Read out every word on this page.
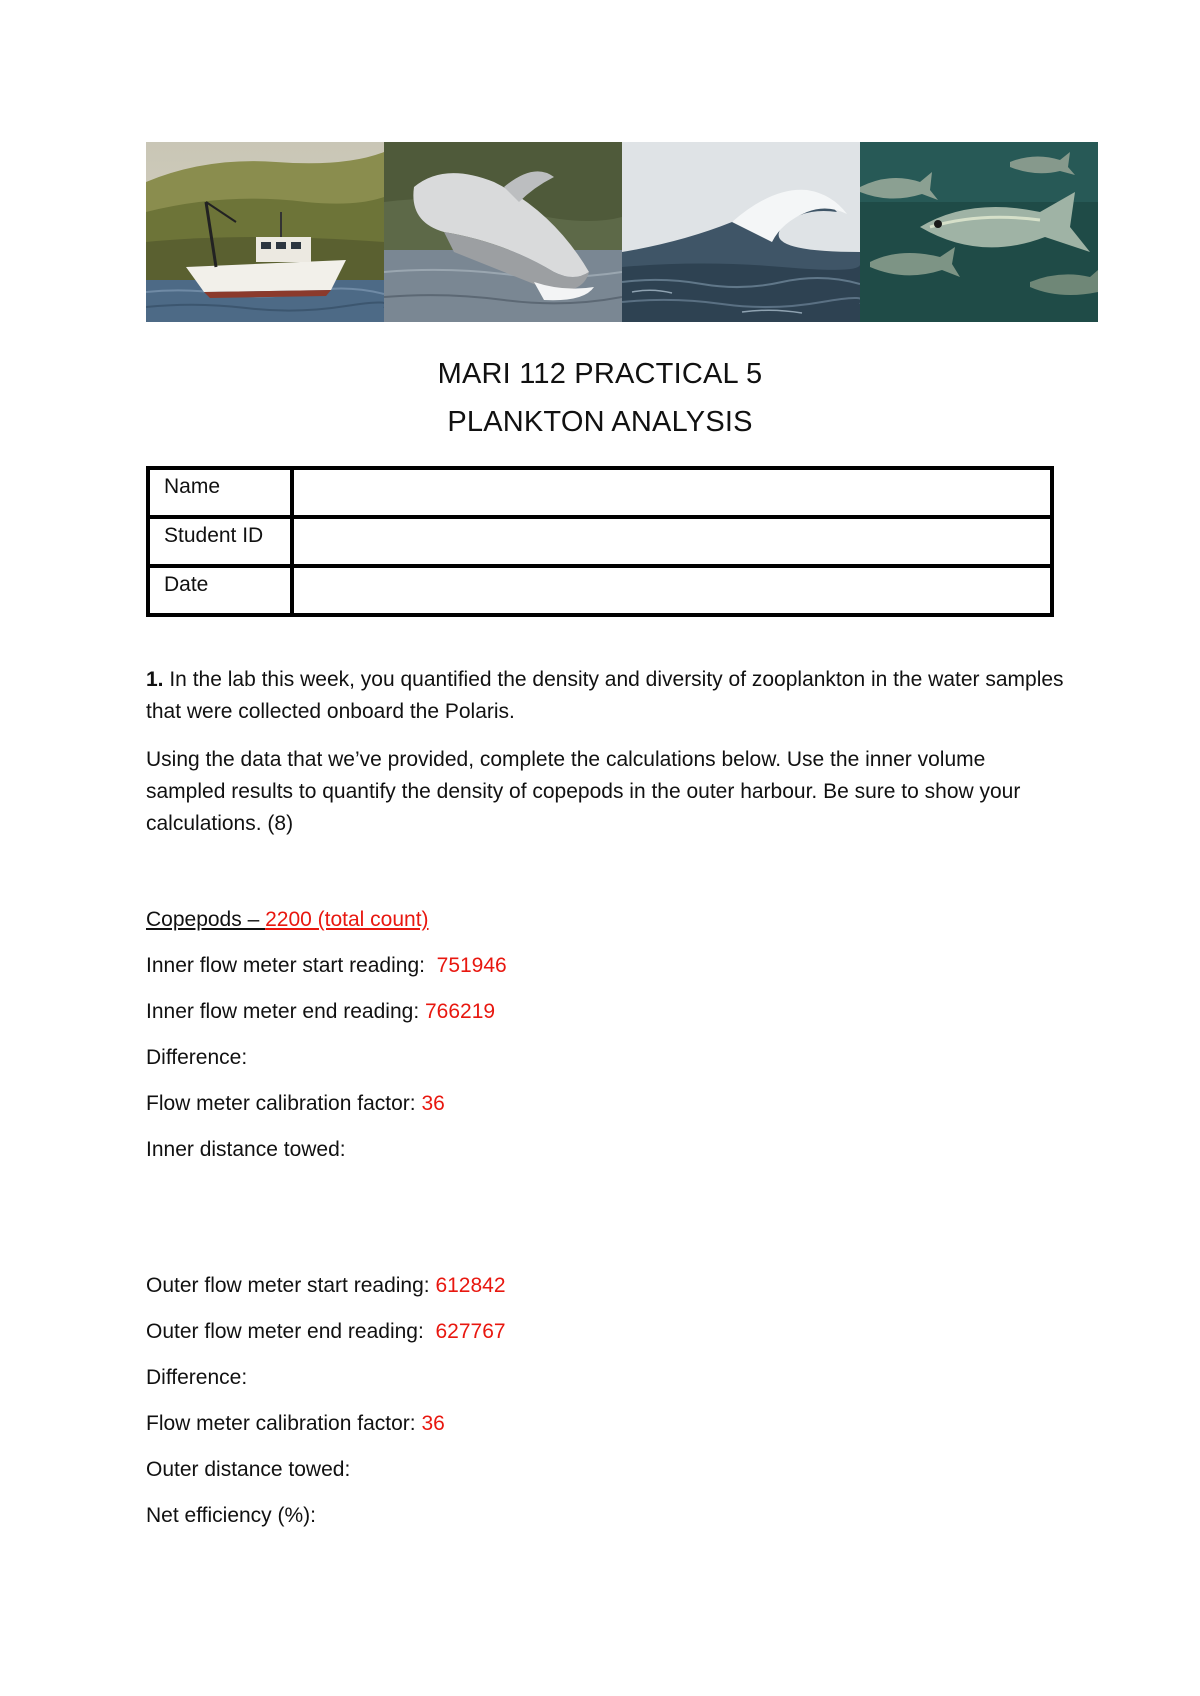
MARI 112 PRACTICAL 5
PLANKTON ANALYSIS
Name	
Student ID	
Date	
1. In the lab this week, you quantified the density and diversity of zooplankton in the water samples that were collected onboard the Polaris.
Using the data that we’ve provided, complete the calculations below. Use the inner volume sampled results to quantify the density of copepods in the outer harbour. Be sure to show your calculations. (8)
Copepods – 2200 (total count)
Inner flow meter start reading:  751946
Inner flow meter end reading: 766219
Difference:
Flow meter calibration factor: 36
Inner distance towed:
Outer flow meter start reading: 612842
Outer flow meter end reading:  627767
Difference:
Flow meter calibration factor: 36
Outer distance towed:
Net efficiency (%):
